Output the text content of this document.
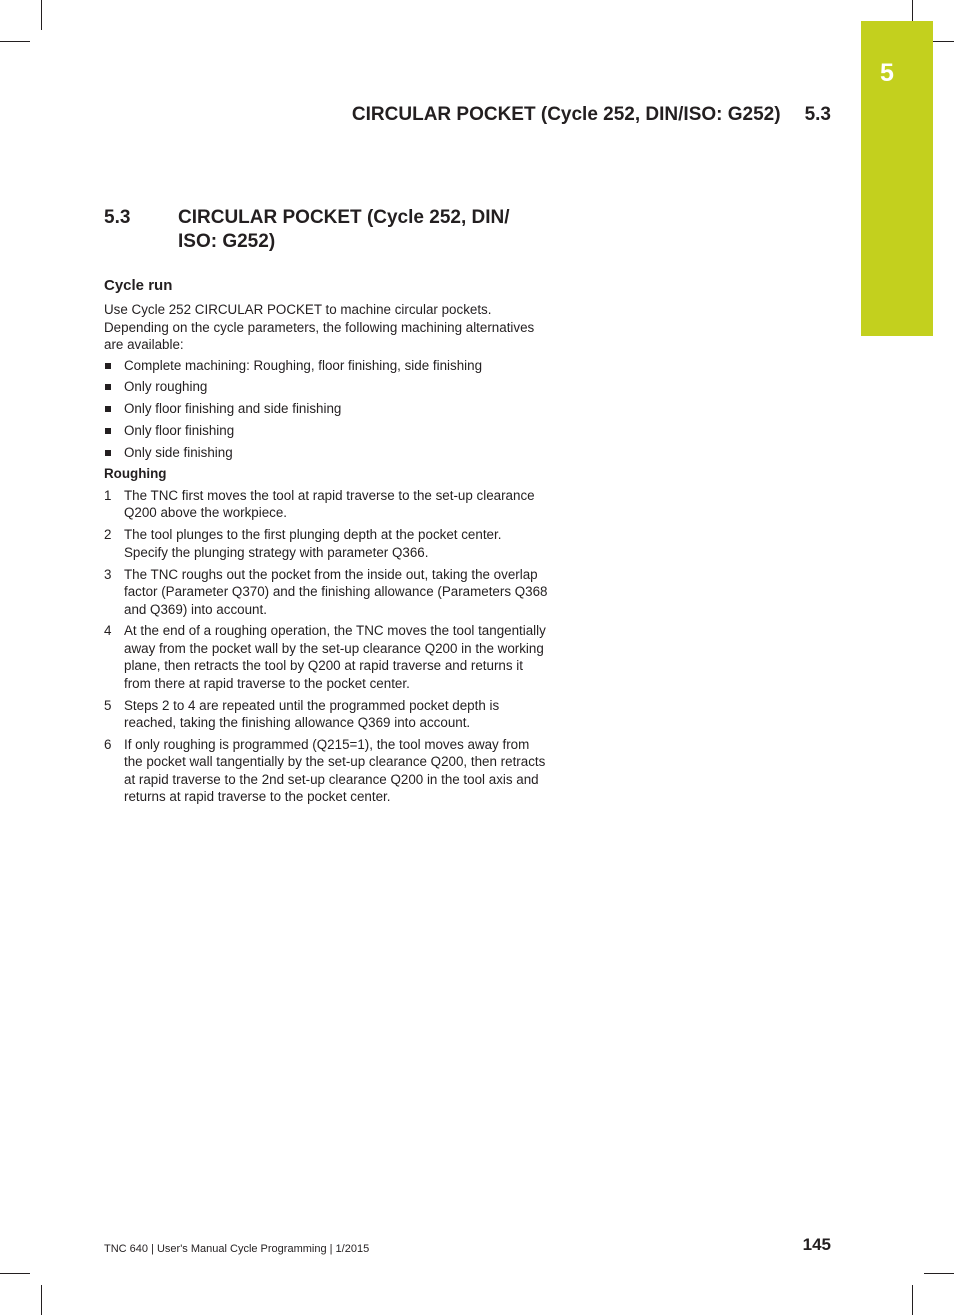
5
CIRCULAR POCKET (Cycle 252, DIN/ISO: G252) 5.3
5.3	CIRCULAR POCKET (Cycle 252, DIN/ ISO: G252)
Cycle run

Use Cycle 252 CIRCULAR POCKET to machine circular pockets. Depending on the cycle parameters, the following machining alternatives are available:

Complete machining: Roughing, floor finishing, side finishing
Only roughing
Only floor finishing and side finishing
Only floor finishing
Only side finishing
Roughing
1 The TNC first moves the tool at rapid traverse to the set-up clearance Q200 above the workpiece.
2 The tool plunges to the first plunging depth at the pocket center. Specify the plunging strategy with parameter Q366.
3 The TNC roughs out the pocket from the inside out, taking the overlap factor (Parameter Q370) and the finishing allowance (Parameters Q368 and Q369) into account.
4 At the end of a roughing operation, the TNC moves the tool tangentially away from the pocket wall by the set-up clearance Q200 in the working plane, then retracts the tool by Q200 at rapid traverse and returns it from there at rapid traverse to the pocket center.
5 Steps 2 to 4 are repeated until the programmed pocket depth is reached, taking the finishing allowance Q369 into account.
6 If only roughing is programmed (Q215=1), the tool moves away from the pocket wall tangentially by the set-up clearance Q200, then retracts at rapid traverse to the 2nd set-up clearance Q200 in the tool axis and returns at rapid traverse to the pocket center.
TNC 640 | User's Manual Cycle Programming | 1/2015	145
